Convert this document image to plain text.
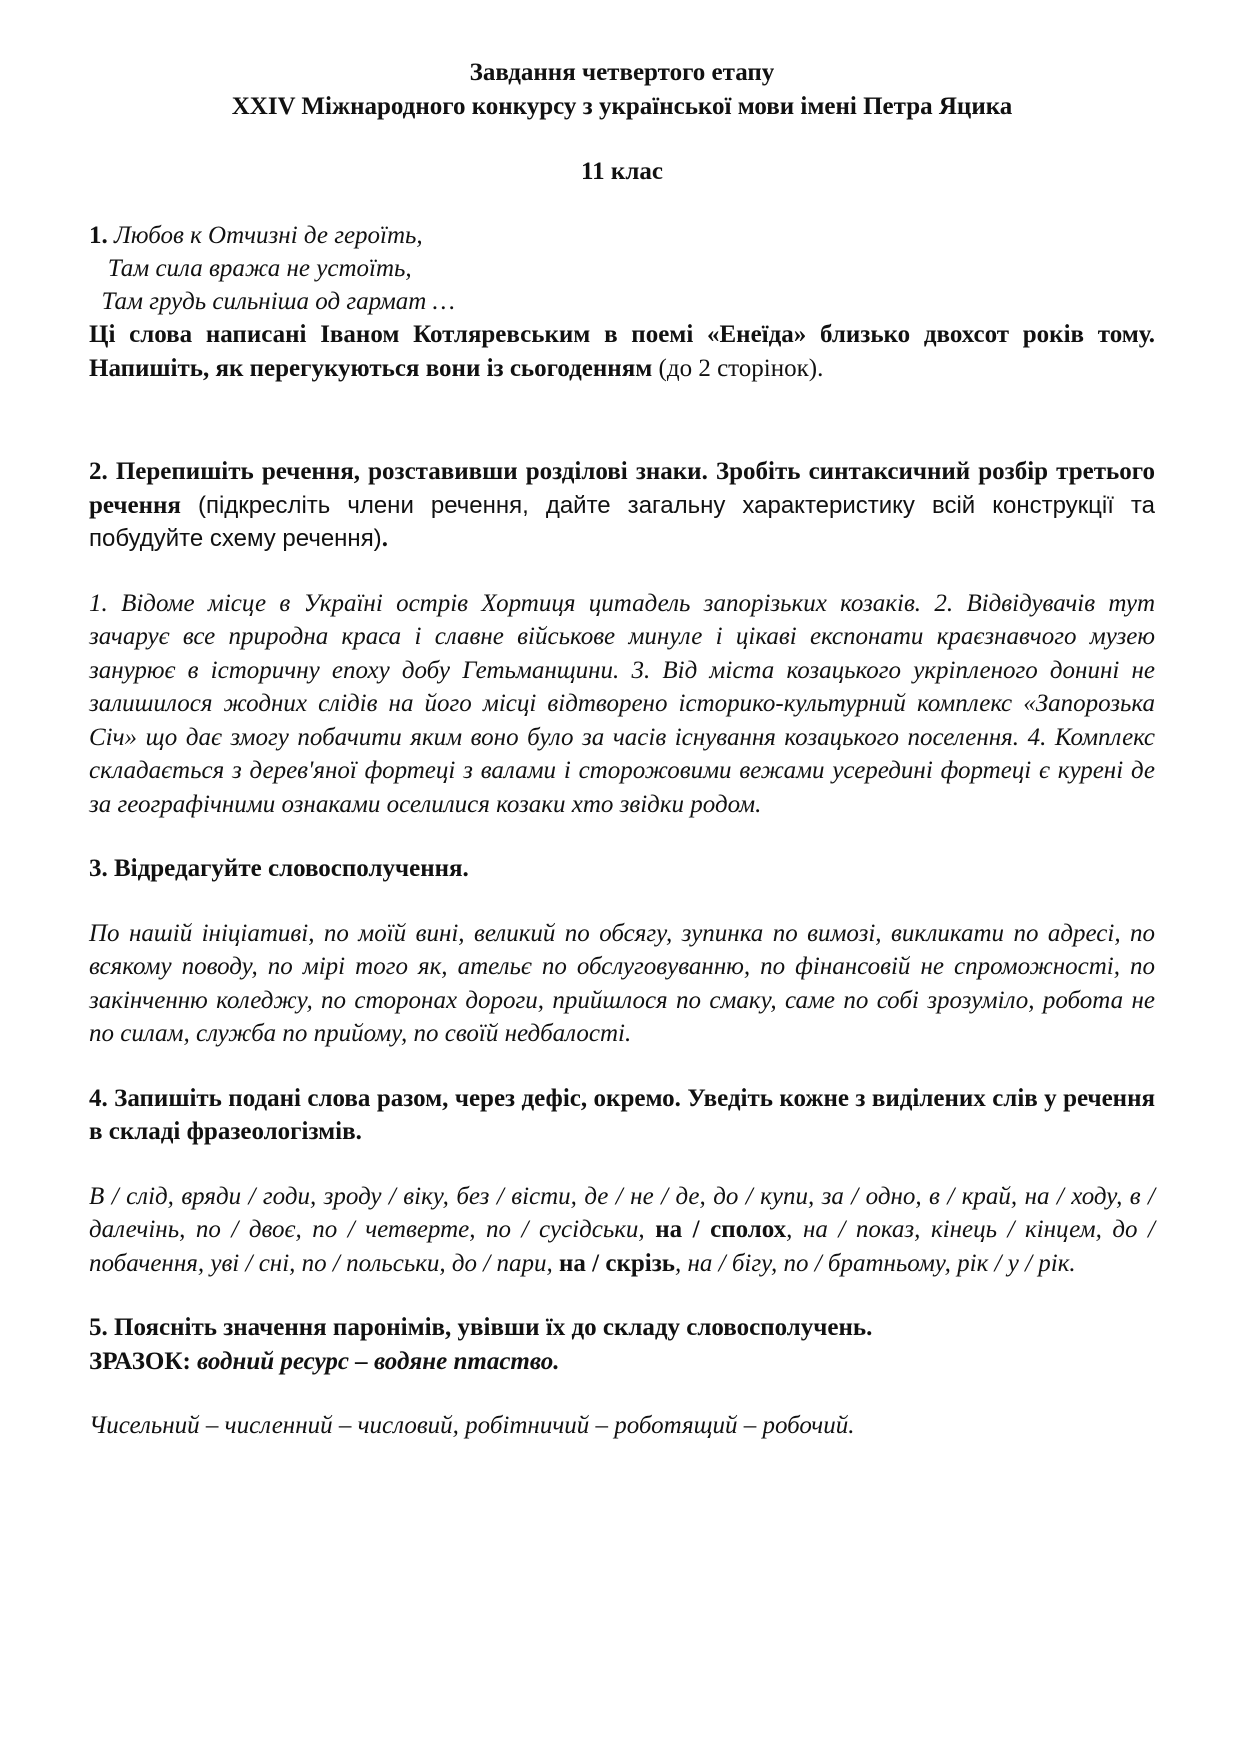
Завдання четвертого етапу

XXIV Міжнародного конкурсу з української мови імені Петра Яцика

11 клас

1. Любов к Отчизні де героїть,
Там сила вража не устоїть,
Там грудь сильніша од гармат …

Ці слова написані Іваном Котляревським в поемі «Енеїда» близько двохсот років тому. Напишіть, як перегукуються вони із сьогоденням (до 2 сторінок).

2. Перепишіть речення, розставивши розділові знаки. Зробіть синтаксичний розбір третього речення (підкресліть члени речення, дайте загальну характеристику всій конструкції та побудуйте схему речення).

1. Відоме місце в Україні острів Хортиця цитадель запорізьких козаків. 2. Відвідувачів тут зачарує все природна краса і славне військове минуле і цікаві експонати краєзнавчого музею занурює в історичну епоху добу Гетьманщини. 3. Від міста козацького укріпленого донині не залишилося жодних слідів на його місці відтворено історико-культурний комплекс «Запорозька Січ» що дає змогу побачити яким воно було за часів існування козацького поселення. 4. Комплекс складається з дерев'яної фортеці з валами і сторожовими вежами усередині фортеці є курені де за географічними ознаками оселилися козаки хто звідки родом.

3. Відредагуйте словосполучення.

По нашій ініціативі, по моїй вині, великий по обсягу, зупинка по вимозі, викликати по адресі, по всякому поводу, по мірі того як, ательє по обслуговуванню, по фінансовій не спроможності, по закінченню коледжу, по сторонах дороги, прийшлося по смаку, саме по собі зрозуміло, робота не по силам, служба по прийому, по своїй недбалості.

4. Запишіть подані слова разом, через дефіс, окремо. Уведіть кожне з виділених слів у речення в складі фразеологізмів.

В / слід, вряди / годи, зроду / віку, без / вісти, де / не / де, до / купи, за / одно, в / край, на / ходу, в / далечінь, по / двоє, по / четверте, по / сусідськи, на / сполох, на / показ, кінець / кінцем, до / побачення, уві / сні, по / польськи, до / пари, на / скрізь, на / бігу, по / братньому, рік / у / рік.

5. Поясніть значення паронімів, увівши їх до складу словосполучень.

ЗРАЗОК: водний ресурс – водяне птаство.

Чисельний – численний – числовий, робітничий – роботящий – робочий.
